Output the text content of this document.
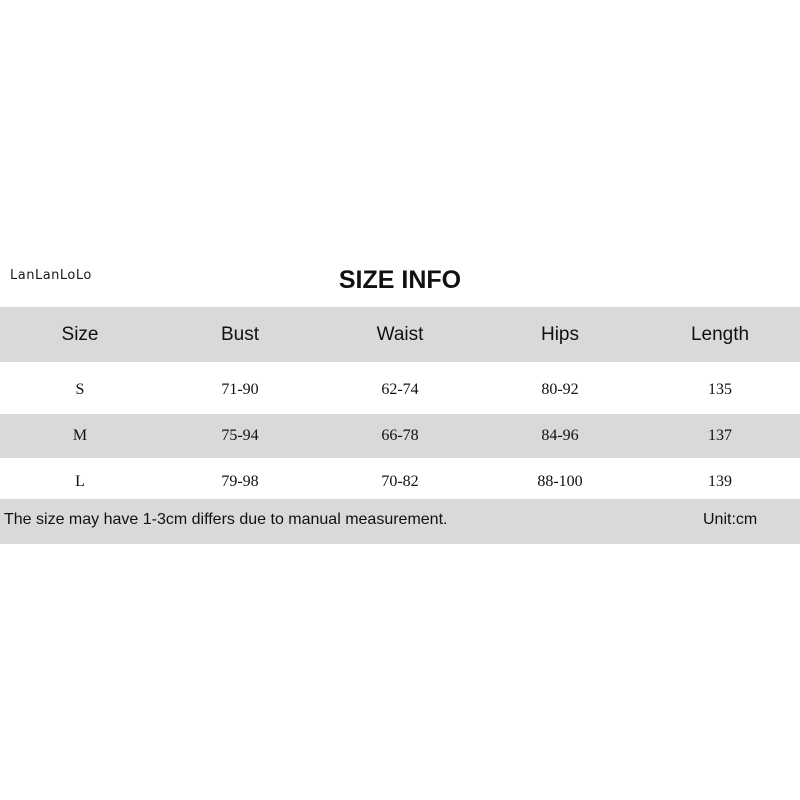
LanLanLoLo	SIZE INFO
Size	Bust	Waist	Hips	Length
S	71-90	62-74	80-92	135
M	75-94	66-78	84-96	137
L	79-98	70-82	88-100	139
The size may have 1-3cm differs due to manual measurement.	Unit:cm
